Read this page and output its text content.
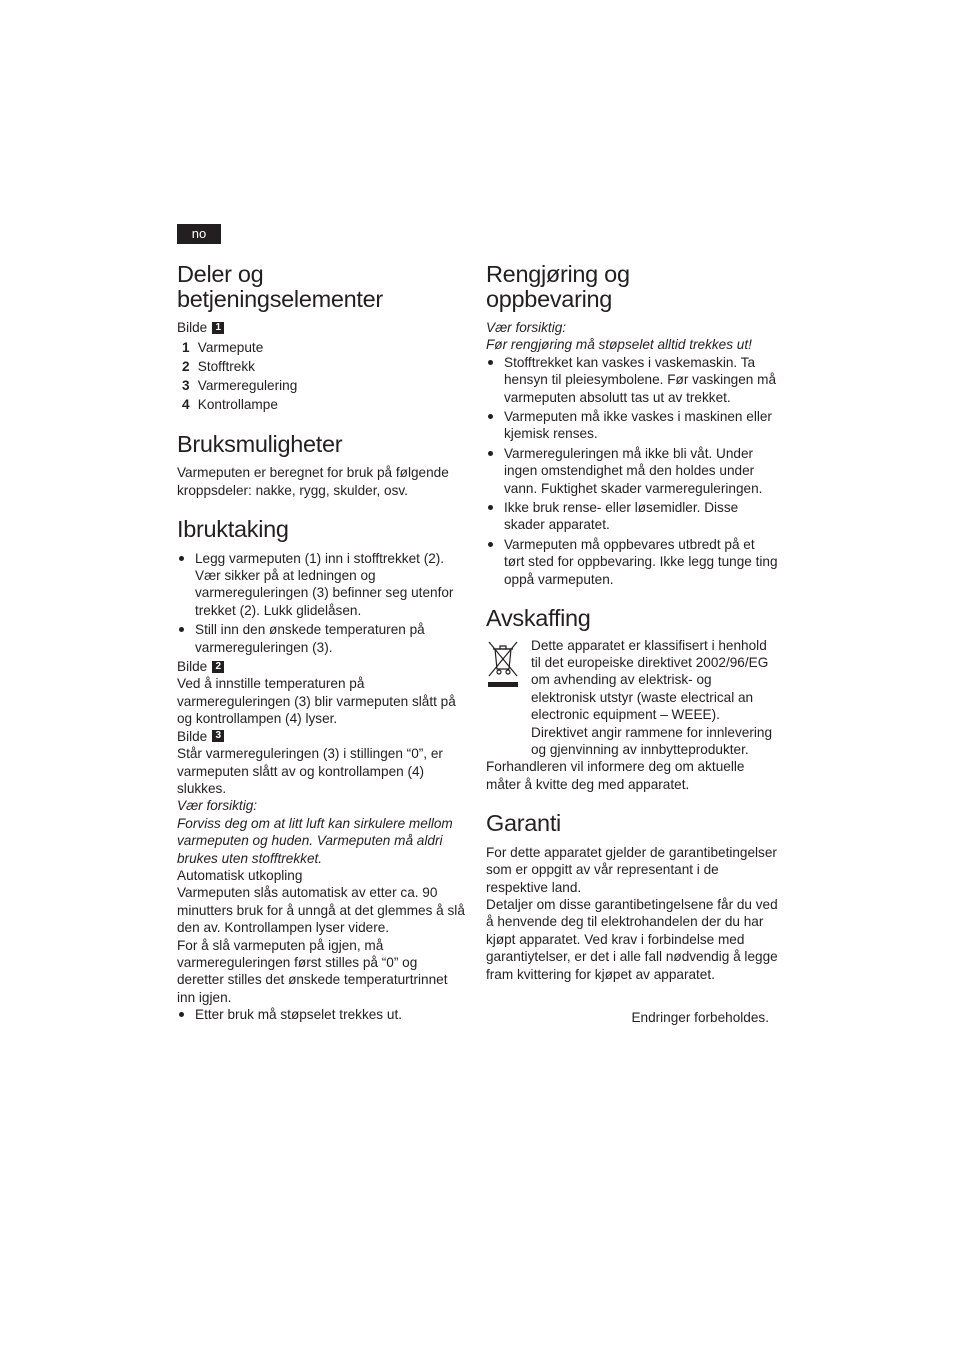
no
Deler og
betjeningselementer
Bilde 1
1 Varmepute
2 Stofftrekk
3 Varmeregulering
4 Kontrollampe
Bruksmuligheter

Varmeputen er beregnet for bruk på følgende kroppsdeler: nakke, rygg, skulder, osv.

Ibruktaking
Legg varmeputen (1) inn i stofftrekket (2). Vær sikker på at ledningen og varmereguleringen (3) befinner seg utenfor trekket (2). Lukk glidelåsen.
Still inn den ønskede temperaturen på varmereguleringen (3).
Bilde 2

Ved å innstille temperaturen på varmereguleringen (3) blir varmeputen slått på og kontrollampen (4) lyser.

Bilde 3

Står varmereguleringen (3) i stillingen “0”, er varmeputen slått av og kontrollampen (4) slukkes.

Vær forsiktig:

Forviss deg om at litt luft kan sirkulere mellom varmeputen og huden. Varmeputen må aldri brukes uten stofftrekket.

Automatisk utkopling

Varmeputen slås automatisk av etter ca. 90 minutters bruk for å unngå at det glemmes å slå den av. Kontrollampen lyser videre.

For å slå varmeputen på igjen, må varmereguleringen først stilles på “0” og deretter stilles det ønskede temperaturtrinnet inn igjen.

Etter bruk må støpselet trekkes ut.
Rengjøring og
oppbevaring

Vær forsiktig:

Før rengjøring må støpselet alltid trekkes ut!

Stofftrekket kan vaskes i vaskemaskin. Ta hensyn til pleiesymbolene. Før vaskingen må varmeputen absolutt tas ut av trekket.
Varmeputen må ikke vaskes i maskinen eller kjemisk renses.
Varmereguleringen må ikke bli våt. Under ingen omstendighet må den holdes under vann. Fuktighet skader varmereguleringen.
Ikke bruk rense- eller løsemidler. Disse skader apparatet.
Varmeputen må oppbevares utbredt på et tørt sted for oppbevaring. Ikke legg tunge ting oppå varmeputen.
Avskaffing

Dette apparatet er klassifisert i henhold til det europeiske direktivet 2002/96/EG om avhending av elektrisk- og elektronisk utstyr (waste electrical an electronic equipment – WEEE). Direktivet angir rammene for innlevering og gjenvinning av innbytteprodukter.

Forhandleren vil informere deg om aktuelle måter å kvitte deg med apparatet.

Garanti

For dette apparatet gjelder de garantibetingelser som er oppgitt av vår representant i de respektive land.

Detaljer om disse garantibetingelsene får du ved å henvende deg til elektrohandelen der du har kjøpt apparatet. Ved krav i forbindelse med garantiytelser, er det i alle fall nødvendig å legge fram kvittering for kjøpet av apparatet.

Endringer forbeholdes.
